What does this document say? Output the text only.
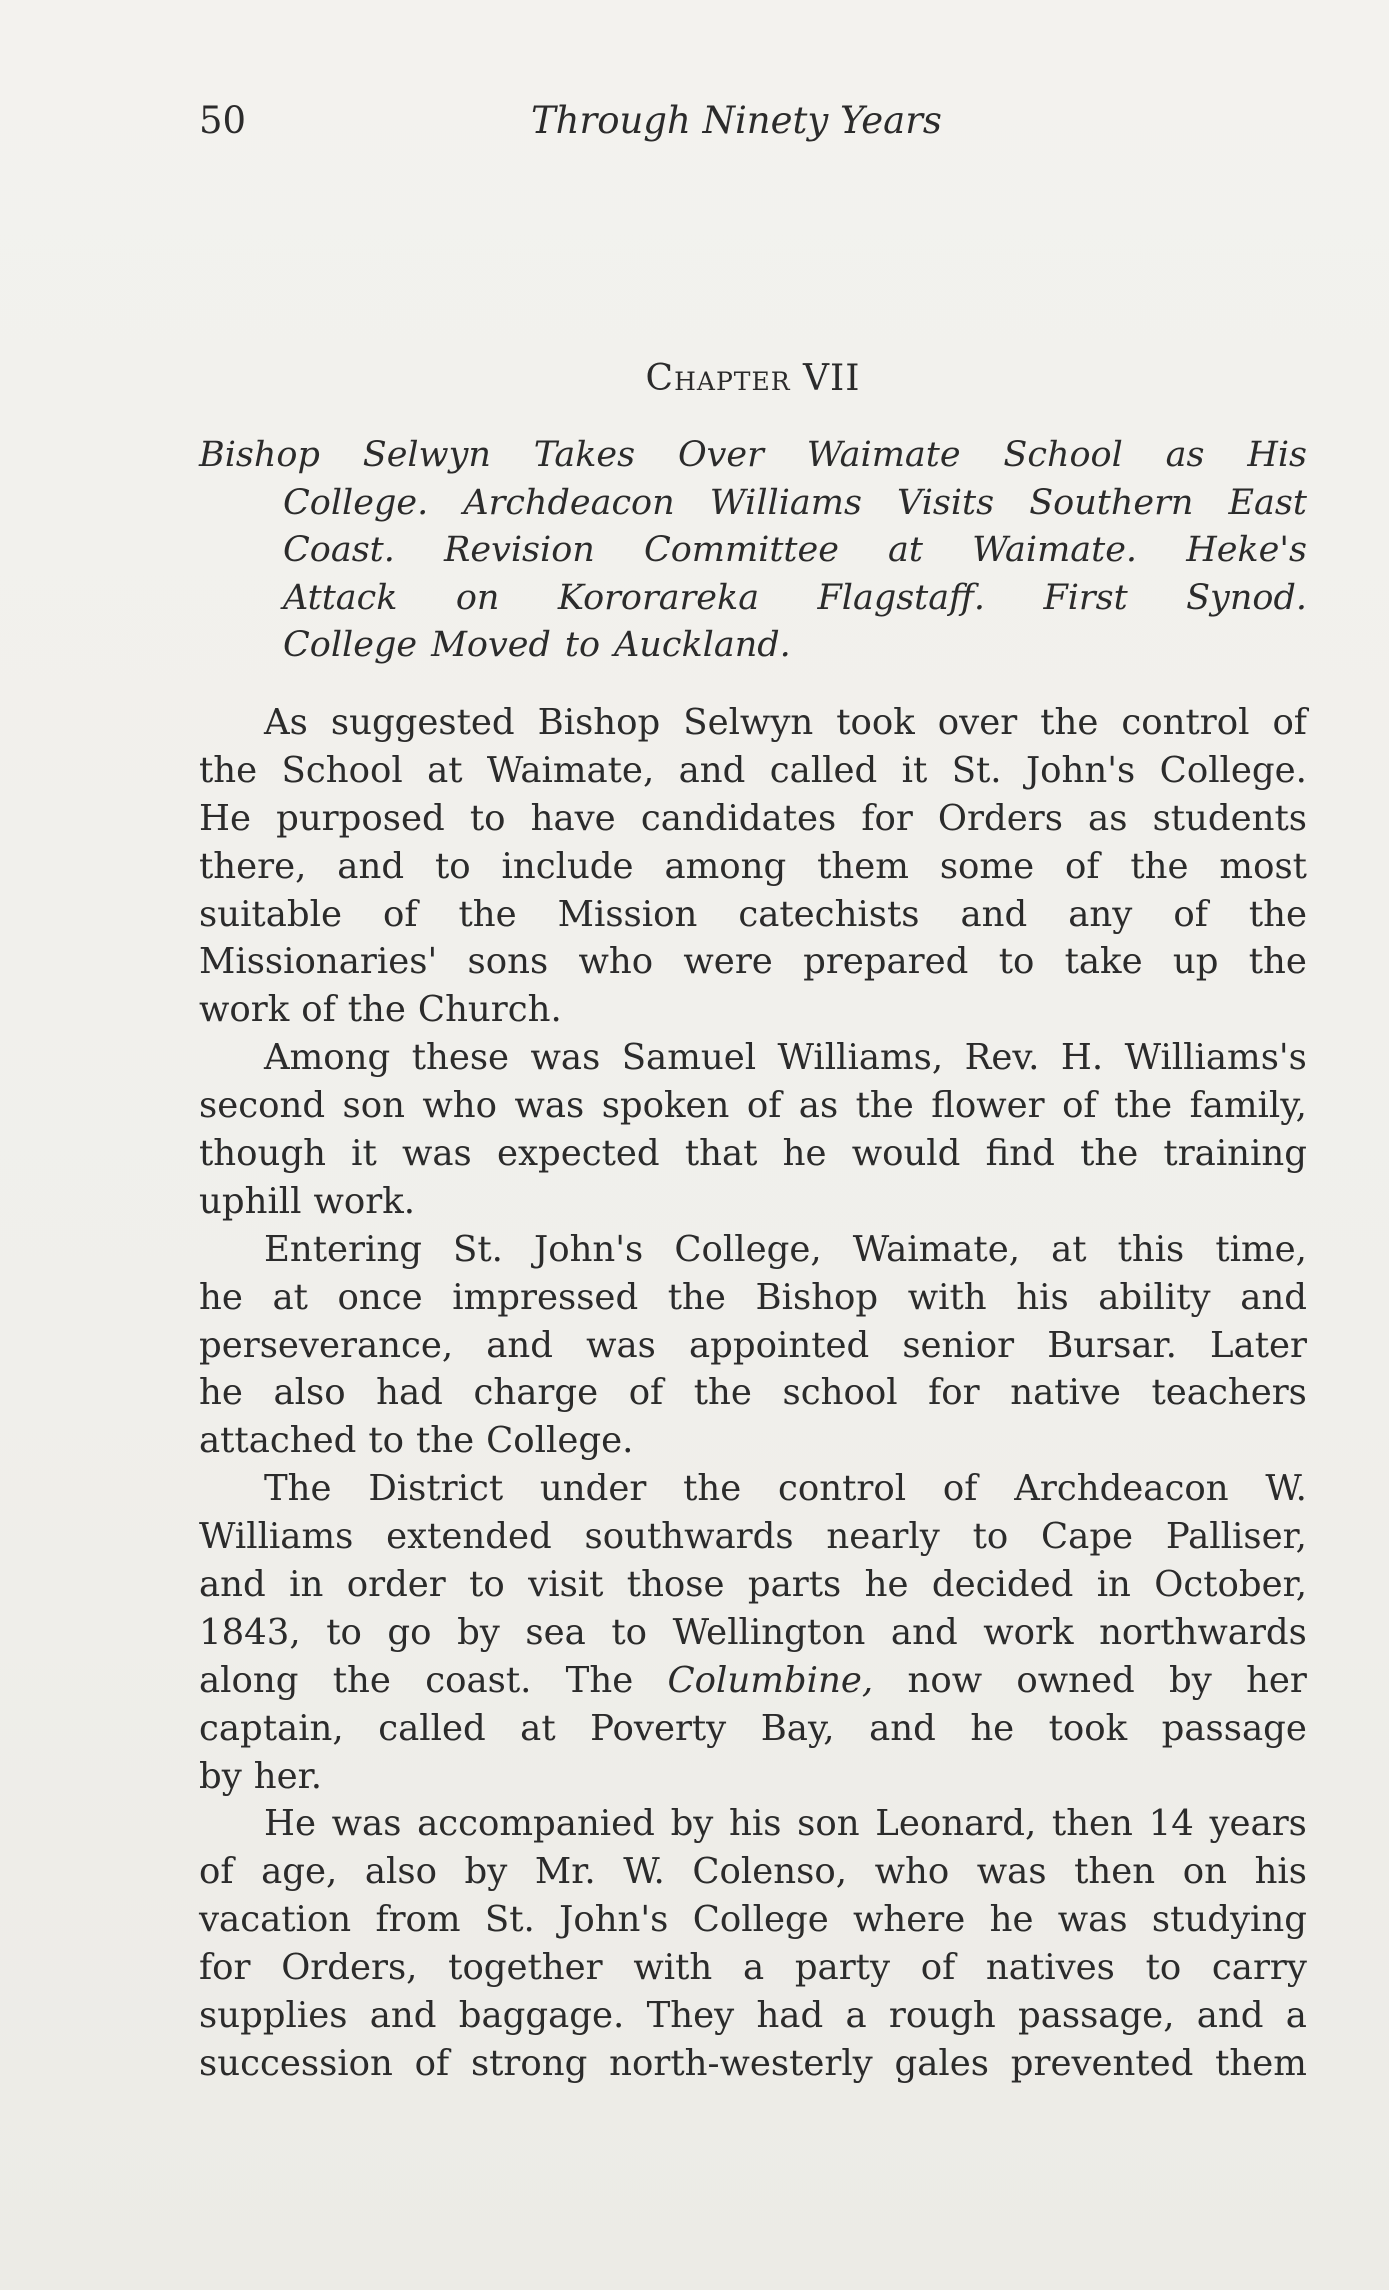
50	Through Ninety Years
Chapter VII
Bishop Selwyn Takes Over Waimate School as His
College. Archdeacon Williams Visits Southern East
Coast. Revision Committee at Waimate. Heke's
Attack on Kororareka Flagstaff. First Synod.
College Moved to Auckland.
As suggested Bishop Selwyn took over the control of
the School at Waimate, and called it St. John's College.
He purposed to have candidates for Orders as students
there, and to include among them some of the most
suitable of the Mission catechists and any of the
Missionaries' sons who were prepared to take up the
work of the Church.
Among these was Samuel Williams, Rev. H. Williams's
second son who was spoken of as the flower of the family,
though it was expected that he would find the training
uphill work.
Entering St. John's College, Waimate, at this time,
he at once impressed the Bishop with his ability and
perseverance, and was appointed senior Bursar. Later
he also had charge of the school for native teachers
attached to the College.
The District under the control of Archdeacon W.
Williams extended southwards nearly to Cape Palliser,
and in order to visit those parts he decided in October,
1843, to go by sea to Wellington and work northwards
along the coast. The Columbine, now owned by her
captain, called at Poverty Bay, and he took passage
by her.
He was accompanied by his son Leonard, then 14 years
of age, also by Mr. W. Colenso, who was then on his
vacation from St. John's College where he was studying
for Orders, together with a party of natives to carry
supplies and baggage. They had a rough passage, and a
succession of strong north-westerly gales prevented them
